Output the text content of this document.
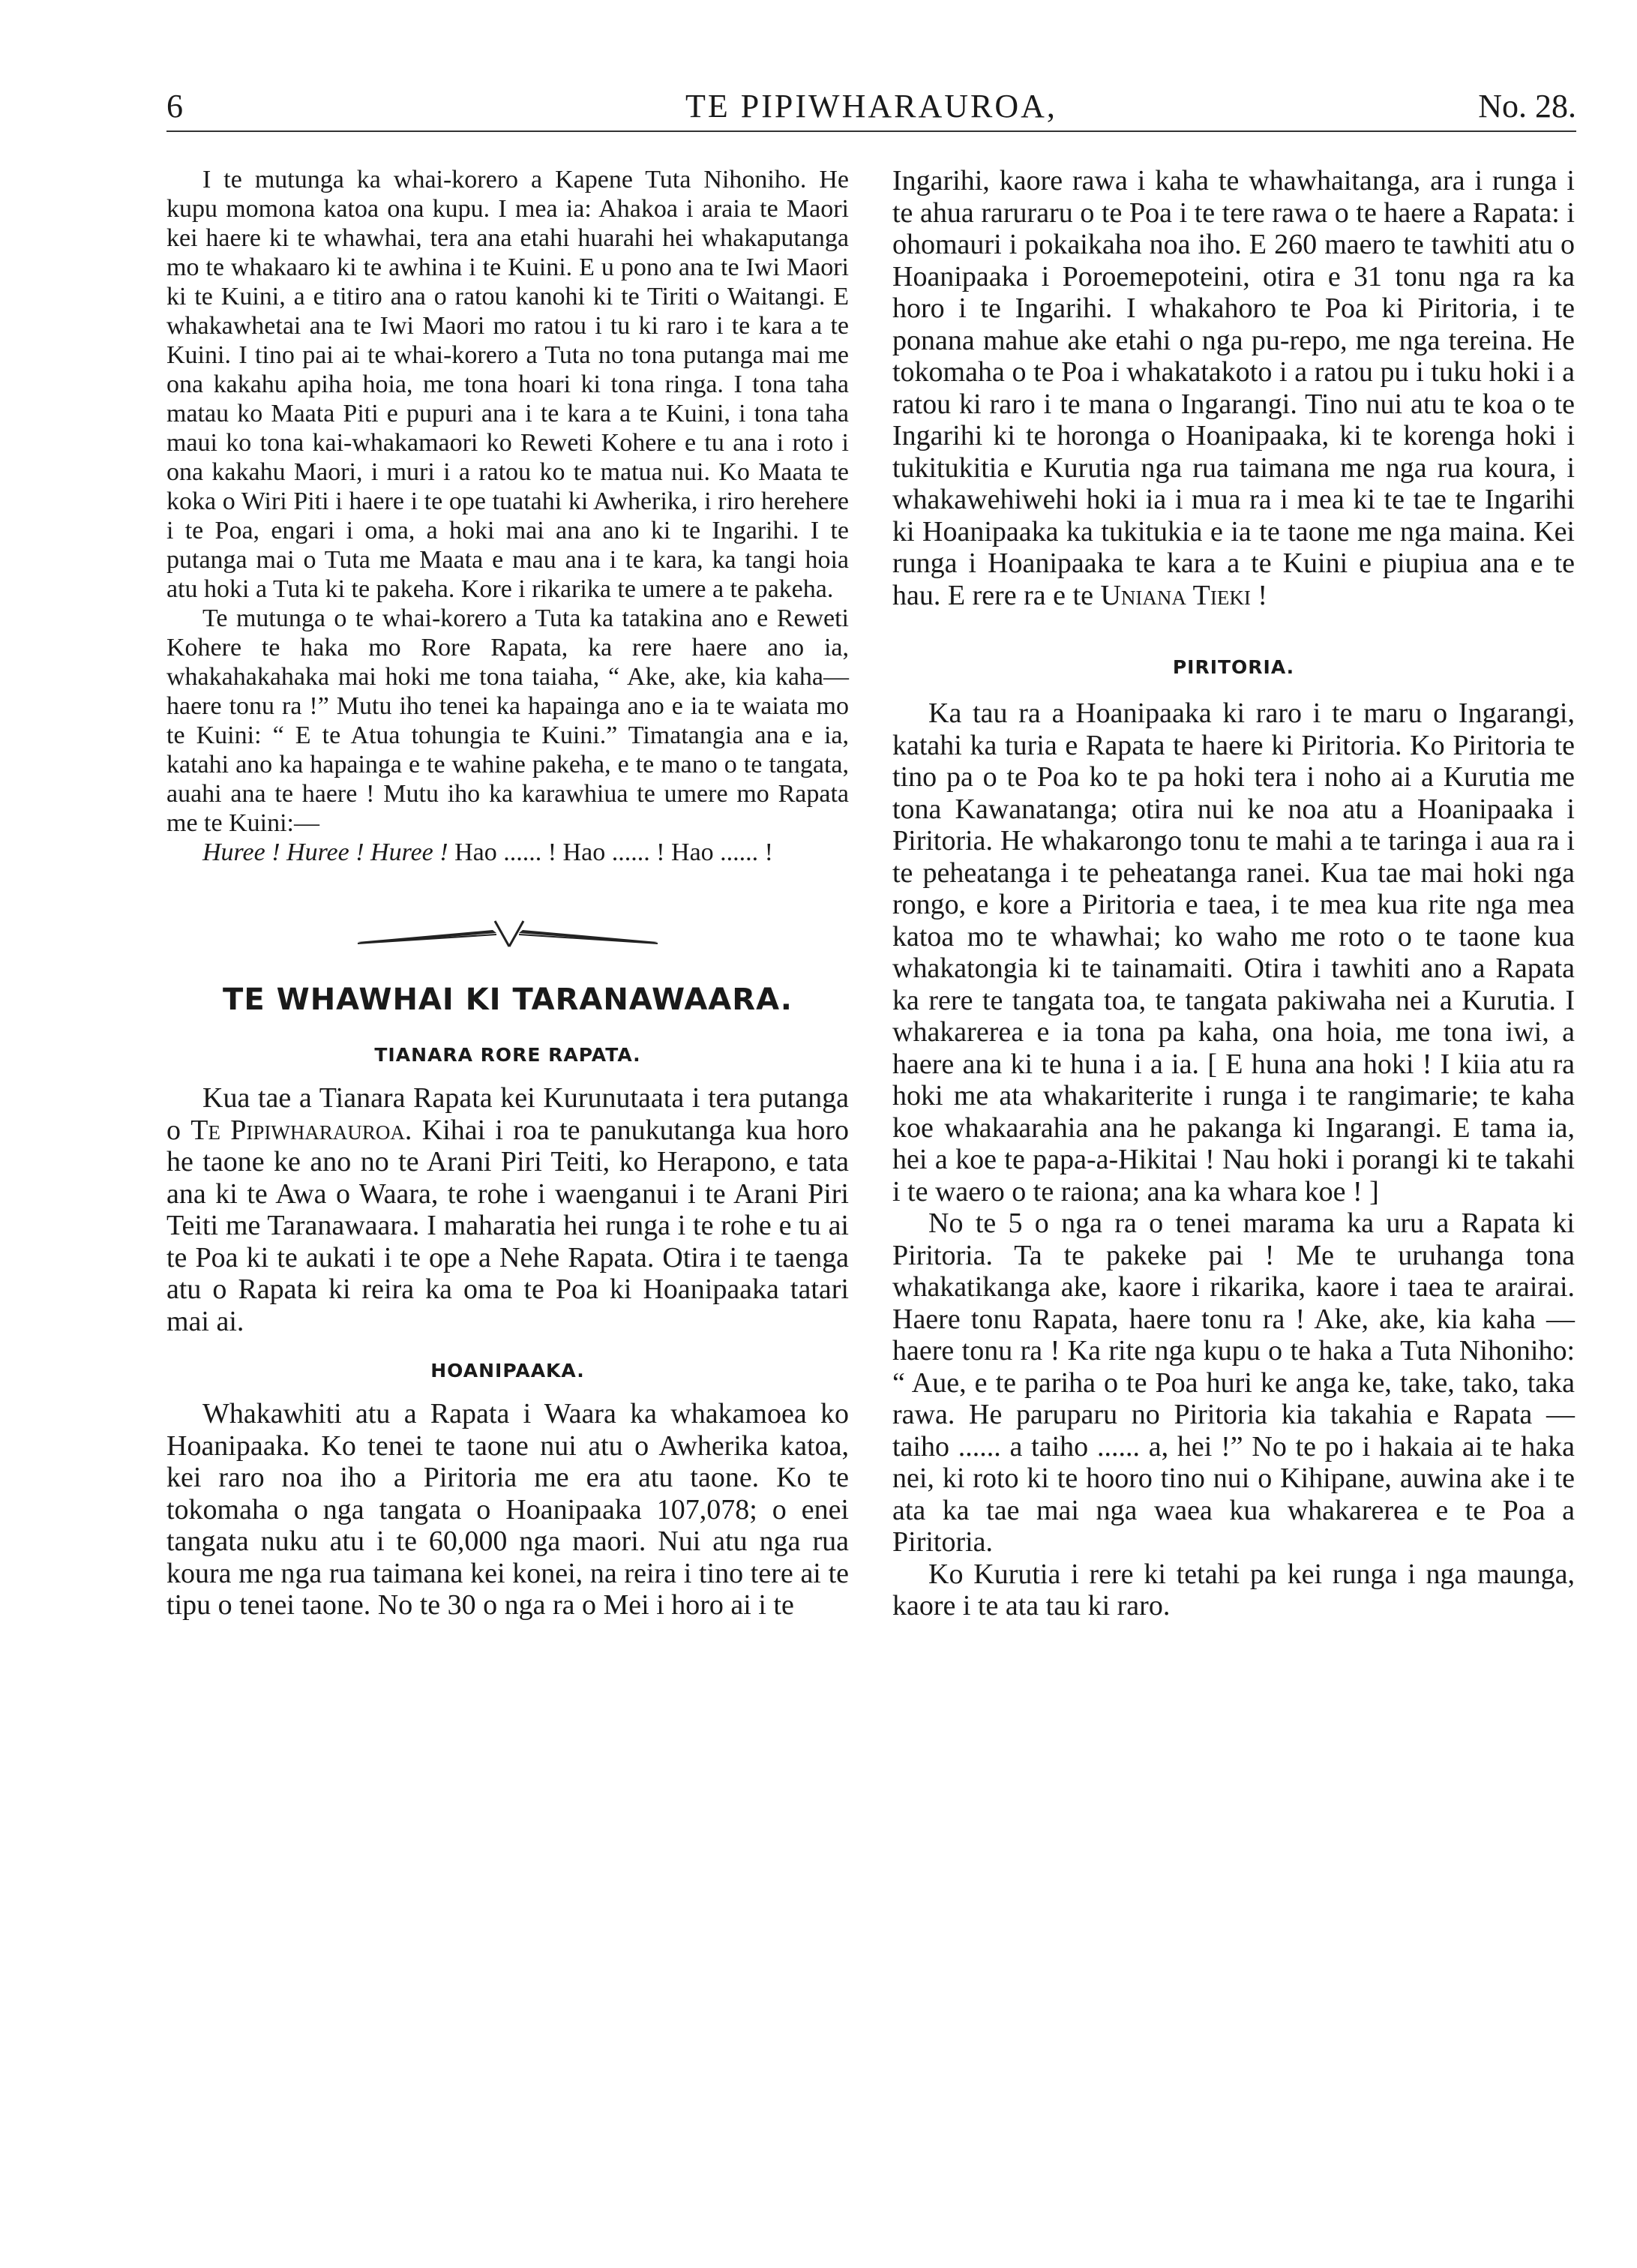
6	TE PIPIWHARAUROA,	No. 28.

I te mutunga ka whai-korero a Kapene Tuta Nihoniho. He kupu momona katoa ona kupu. I mea ia: Ahakoa i araia te Maori kei haere ki te whawhai, tera ana etahi huarahi hei whakaputanga mo te whakaaro ki te awhina i te Kuini. E u pono ana te Iwi Maori ki te Kuini, a e titiro ana o ratou kanohi ki te Tiriti o Waitangi. E whakawhetai ana te Iwi Maori mo ratou i tu ki raro i te kara a te Kuini. I tino pai ai te whai-korero a Tuta no tona putanga mai me ona kakahu apiha hoia, me tona hoari ki tona ringa. I tona taha matau ko Maata Piti e pupuri ana i te kara a te Kuini, i tona taha maui ko tona kai-whakamaori ko Reweti Kohere e tu ana i roto i ona kakahu Maori, i muri i a ratou ko te matua nui. Ko Maata te koka o Wiri Piti i haere i te ope tuatahi ki Awherika, i riro herehere i te Poa, engari i oma, a hoki mai ana ano ki te Ingarihi. I te putanga mai o Tuta me Maata e mau ana i te kara, ka tangi hoia atu hoki a Tuta ki te pakeha. Kore i rikarika te umere a te pakeha.

Te mutunga o te whai-korero a Tuta ka tatakina ano e Reweti Kohere te haka mo Rore Rapata, ka rere haere ano ia, whakahakahaka mai hoki me tona taiaha, “ Ake, ake, kia kaha—haere tonu ra !” Mutu iho tenei ka hapainga ano e ia te waiata mo te Kuini: “ E te Atua tohungia te Kuini.” Timatangia ana e ia, katahi ano ka hapainga e te wahine pakeha, e te mano o te tangata, auahi ana te haere ! Mutu iho ka karawhiua te umere mo Rapata me te Kuini:—

Huree ! Huree ! Huree ! Hao ...... ! Hao ...... ! Hao ...... !

TE WHAWHAI KI TARANAWAARA.
TIANARA RORE RAPATA.

Kua tae a Tianara Rapata kei Kurunutaata i tera putanga o Te Pipiwharauroa. Kihai i roa te panukutanga kua horo he taone ke ano no te Arani Piri Teiti, ko Herapono, e tata ana ki te Awa o Waara, te rohe i waenganui i te Arani Piri Teiti me Taranawaara. I maharatia hei runga i te rohe e tu ai te Poa ki te aukati i te ope a Nehe Rapata. Otira i te taenga atu o Rapata ki reira ka oma te Poa ki Hoanipaaka tatari mai ai.

HOANIPAAKA.

Whakawhiti atu a Rapata i Waara ka whakamoea ko Hoanipaaka. Ko tenei te taone nui atu o Awherika katoa, kei raro noa iho a Piritoria me era atu taone. Ko te tokomaha o nga tangata o Hoanipaaka 107,078; o enei tangata nuku atu i te 60,000 nga maori. Nui atu nga rua koura me nga rua taimana kei konei, na reira i tino tere ai te tipu o tenei taone. No te 30 o nga ra o Mei i horo ai i te

Ingarihi, kaore rawa i kaha te whawhaitanga, ara i runga i te ahua raruraru o te Poa i te tere rawa o te haere a Rapata: i ohomauri i pokaikaha noa iho. E 260 maero te tawhiti atu o Hoanipaaka i Poroemepoteini, otira e 31 tonu nga ra ka horo i te Ingarihi. I whakahoro te Poa ki Piritoria, i te ponana mahue ake etahi o nga pu-repo, me nga tereina. He tokomaha o te Poa i whakatakoto i a ratou pu i tuku hoki i a ratou ki raro i te mana o Ingarangi. Tino nui atu te koa o te Ingarihi ki te horonga o Hoanipaaka, ki te korenga hoki i tukitukitia e Kurutia nga rua taimana me nga rua koura, i whakawehiwehi hoki ia i mua ra i mea ki te tae te Ingarihi ki Hoanipaaka ka tukitukia e ia te taone me nga maina. Kei runga i Hoanipaaka te kara a te Kuini e piupiua ana e te hau. E rere ra e te Uniana Tieki !

PIRITORIA.

Ka tau ra a Hoanipaaka ki raro i te maru o Ingarangi, katahi ka turia e Rapata te haere ki Piritoria. Ko Piritoria te tino pa o te Poa ko te pa hoki tera i noho ai a Kurutia me tona Kawanatanga; otira nui ke noa atu a Hoanipaaka i Piritoria. He whakarongo tonu te mahi a te taringa i aua ra i te peheatanga i te peheatanga ranei. Kua tae mai hoki nga rongo, e kore a Piritoria e taea, i te mea kua rite nga mea katoa mo te whawhai; ko waho me roto o te taone kua whakatongia ki te tainamaiti. Otira i tawhiti ano a Rapata ka rere te tangata toa, te tangata pakiwaha nei a Kurutia. I whakarerea e ia tona pa kaha, ona hoia, me tona iwi, a haere ana ki te huna i a ia. [ E huna ana hoki ! I kiia atu ra hoki me ata whakariterite i runga i te rangimarie; te kaha koe whakaarahia ana he pakanga ki Ingarangi. E tama ia, hei a koe te papa-a-Hikitai ! Nau hoki i porangi ki te takahi i te waero o te raiona; ana ka whara koe ! ]

No te 5 o nga ra o tenei marama ka uru a Rapata ki Piritoria. Ta te pakeke pai ! Me te uruhanga tona whakatikanga ake, kaore i rikarika, kaore i taea te arairai. Haere tonu Rapata, haere tonu ra ! Ake, ake, kia kaha —haere tonu ra ! Ka rite nga kupu o te haka a Tuta Nihoniho: “ Aue, e te pariha o te Poa huri ke anga ke, take, tako, taka rawa. He paruparu no Piritoria kia takahia e Rapata — taiho ...... a taiho ...... a, hei !” No te po i hakaia ai te haka nei, ki roto ki te hooro tino nui o Kihipane, auwina ake i te ata ka tae mai nga waea kua whakarerea e te Poa a Piritoria.

Ko Kurutia i rere ki tetahi pa kei runga i nga maunga, kaore i te ata tau ki raro.
